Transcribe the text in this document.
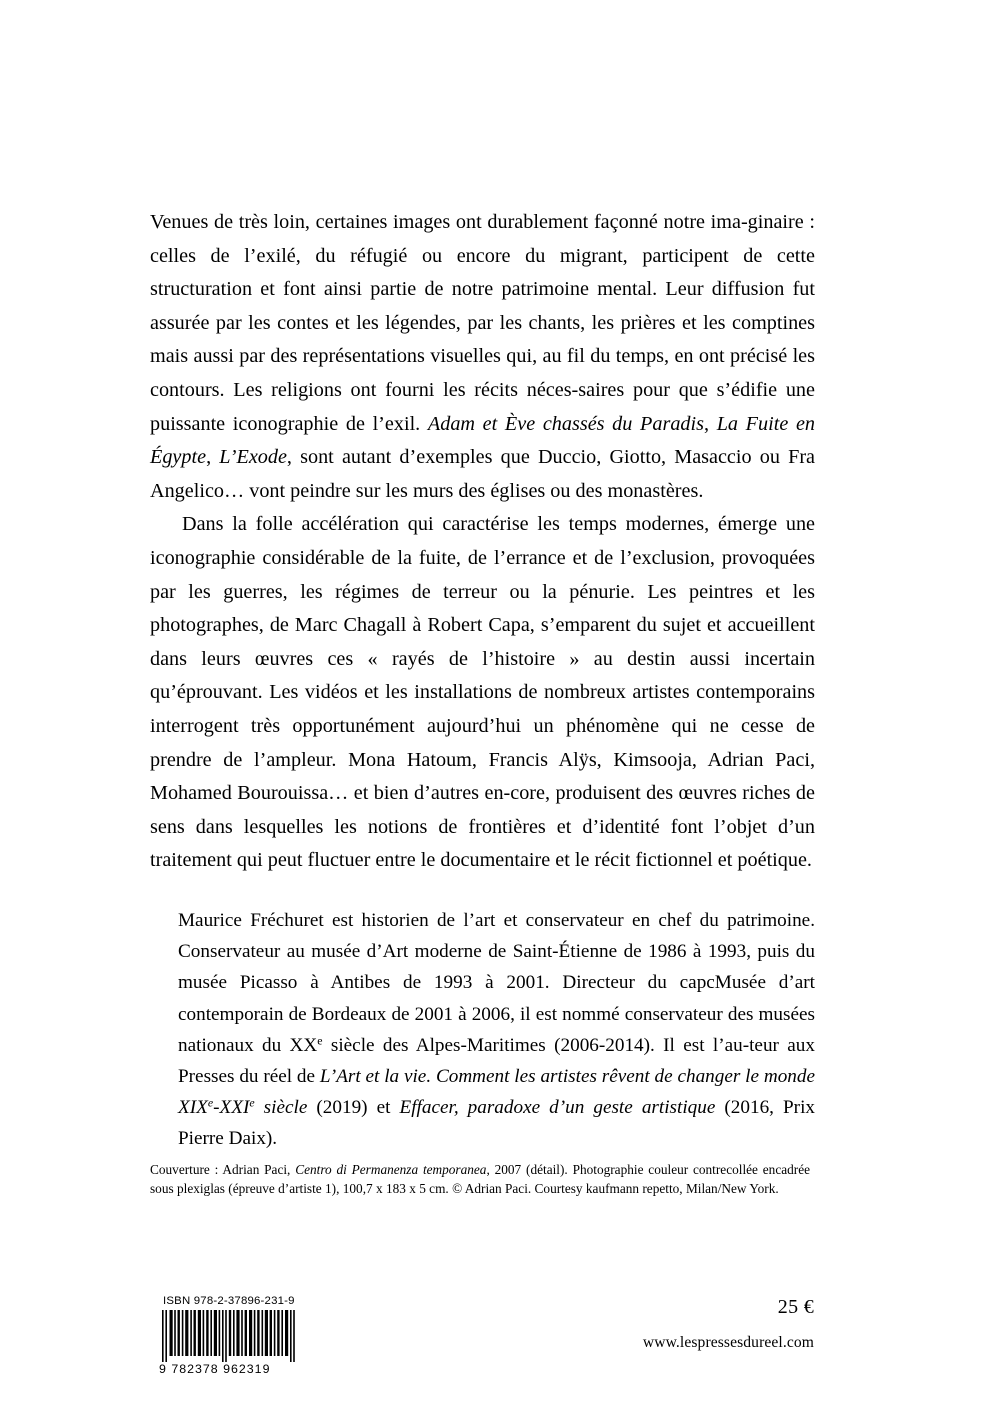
Venues de très loin, certaines images ont durablement façonné notre ima-ginaire : celles de l’exilé, du réfugié ou encore du migrant, participent de cette structuration et font ainsi partie de notre patrimoine mental. Leur diffusion fut assurée par les contes et les légendes, par les chants, les prières et les comptines mais aussi par des représentations visuelles qui, au fil du temps, en ont précisé les contours. Les religions ont fourni les récits néces-saires pour que s’édifie une puissante iconographie de l’exil. Adam et Ève chassés du Paradis, La Fuite en Égypte, L’Exode, sont autant d’exemples que Duccio, Giotto, Masaccio ou Fra Angelico… vont peindre sur les murs des églises ou des monastères.

Dans la folle accélération qui caractérise les temps modernes, émerge une iconographie considérable de la fuite, de l’errance et de l’exclusion, provoquées par les guerres, les régimes de terreur ou la pénurie. Les peintres et les photographes, de Marc Chagall à Robert Capa, s’emparent du sujet et accueillent dans leurs œuvres ces « rayés de l’histoire » au destin aussi incertain qu’éprouvant. Les vidéos et les installations de nombreux artistes contemporains interrogent très opportunément aujourd’hui un phénomène qui ne cesse de prendre de l’ampleur. Mona Hatoum, Francis Alÿs, Kimsooja, Adrian Paci, Mohamed Bourouissa… et bien d’autres en-core, produisent des œuvres riches de sens dans lesquelles les notions de frontières et d’identité font l’objet d’un traitement qui peut fluctuer entre le documentaire et le récit fictionnel et poétique.

Maurice Fréchuret est historien de l’art et conservateur en chef du patrimoine. Conservateur au musée d’Art moderne de Saint-Étienne de 1986 à 1993, puis du musée Picasso à Antibes de 1993 à 2001. Directeur du capcMusée d’art contemporain de Bordeaux de 2001 à 2006, il est nommé conservateur des musées nationaux du XXe siècle des Alpes-Maritimes (2006-2014). Il est l’au-teur aux Presses du réel de L’Art et la vie. Comment les artistes rêvent de changer le monde XIXe-XXIe siècle (2019) et Effacer, paradoxe d’un geste artistique (2016, Prix Pierre Daix).

Couverture : Adrian Paci, Centro di Permanenza temporanea, 2007 (détail). Photographie couleur contrecollée encadrée sous plexiglas (épreuve d’artiste 1), 100,7 x 183 x 5 cm. © Adrian Paci. Courtesy kaufmann repetto, Milan/New York.

ISBN 978-2-37896-231-9
9 782378 962319
25 €
www.lespressesdureel.com
